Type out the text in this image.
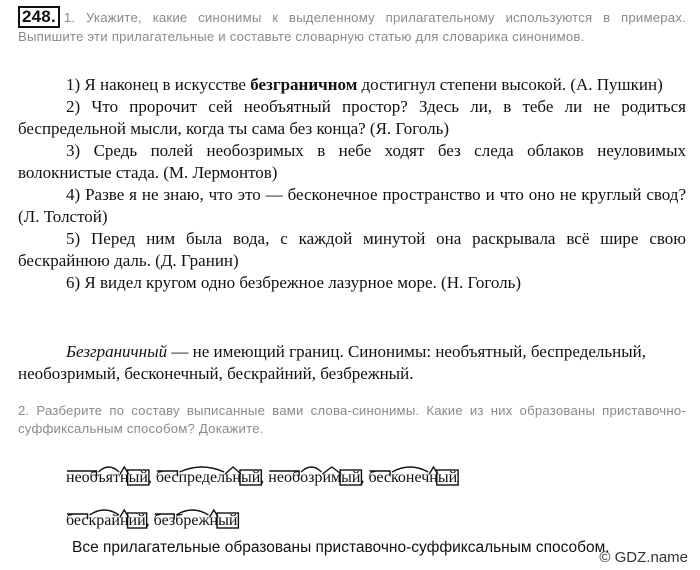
248. 1. Укажите, какие синонимы к выделенному прилагательному используются в примерах. Выпишите эти прилагательные и составьте словарную статью для словарика синонимов.

1) Я наконец в искусстве безграничном достигнул степени высокой. (А. Пушкин)

2) Что пророчит сей необъятный простор? Здесь ли, в тебе ли не родиться беспредельной мысли, когда ты сама без конца? (Я. Гоголь)

3) Средь полей необозримых в небе ходят без следа облаков неуловимых волокнистые стада. (М. Лермонтов)

4) Разве я не знаю, что это — бесконечное пространство и что оно не круглый свод? (Л. Толстой)

5) Перед ним была вода, с каждой минутой она раскрывала всё шире свою бескрайнюю даль. (Д. Гранин)

6) Я видел кругом одно безбрежное лазурное море. (Н. Гоголь)

Безграничный — не имеющий границ. Синонимы: необъятный, беспредельный, необозримый, бесконечный, бескрайний, безбрежный.

2. Разберите по составу выписанные вами слова-синонимы. Какие из них образованы приставочно-суффиксальным способом? Докажите.
необъятный, беспредельный, необозримый, бесконечный
бескрайний, безбрежный
Все прилагательные образованы приставочно-суффиксальным способом.
© GDZ.name
